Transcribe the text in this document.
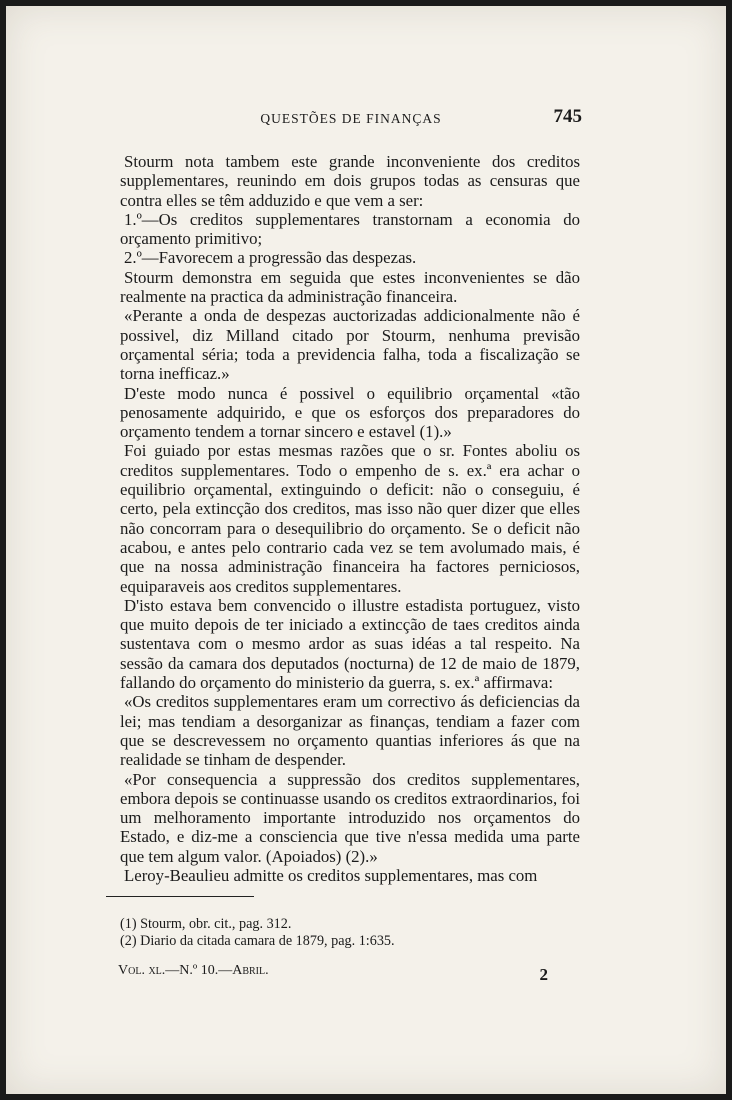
QUESTÕES DE FINANÇAS	745

Stourm nota tambem este grande inconveniente dos creditos supplementares, reunindo em dois grupos todas as censuras que contra elles se têm adduzido e que vem a ser:

1.º—Os creditos supplementares transtornam a economia do orçamento primitivo;

2.º—Favorecem a progressão das despezas.

Stourm demonstra em seguida que estes inconvenientes se dão realmente na practica da administração financeira.

«Perante a onda de despezas auctorizadas addicionalmente não é possivel, diz Milland citado por Stourm, nenhuma previsão orçamental séria; toda a previdencia falha, toda a fiscalização se torna inefficaz.»

D'este modo nunca é possivel o equilibrio orçamental «tão penosamente adquirido, e que os esforços dos preparadores do orçamento tendem a tornar sincero e estavel (1).»

Foi guiado por estas mesmas razões que o sr. Fontes aboliu os creditos supplementares. Todo o empenho de s. ex.ª era achar o equilibrio orçamental, extinguindo o deficit: não o conseguiu, é certo, pela extincção dos creditos, mas isso não quer dizer que elles não concorram para o desequilibrio do orçamento. Se o deficit não acabou, e antes pelo contrario cada vez se tem avolumado mais, é que na nossa administração financeira ha factores perniciosos, equiparaveis aos creditos supplementares.

D'isto estava bem convencido o illustre estadista portuguez, visto que muito depois de ter iniciado a extincção de taes creditos ainda sustentava com o mesmo ardor as suas idéas a tal respeito. Na sessão da camara dos deputados (nocturna) de 12 de maio de 1879, fallando do orçamento do ministerio da guerra, s. ex.ª affirmava:

«Os creditos supplementares eram um correctivo ás deficiencias da lei; mas tendiam a desorganizar as finanças, tendiam a fazer com que se descrevessem no orçamento quantias inferiores ás que na realidade se tinham de despender.

«Por consequencia a suppressão dos creditos supplementares, embora depois se continuasse usando os creditos extraordinarios, foi um melhoramento importante introduzido nos orçamentos do Estado, e diz-me a consciencia que tive n'essa medida uma parte que tem algum valor. (Apoiados) (2).»

Leroy-Beaulieu admitte os creditos supplementares, mas com

(1) Stourm, obr. cit., pag. 312.

(2) Diario da citada camara de 1879, pag. 1:635.

Vol. xl.—N.º 10.—Abril.	2
